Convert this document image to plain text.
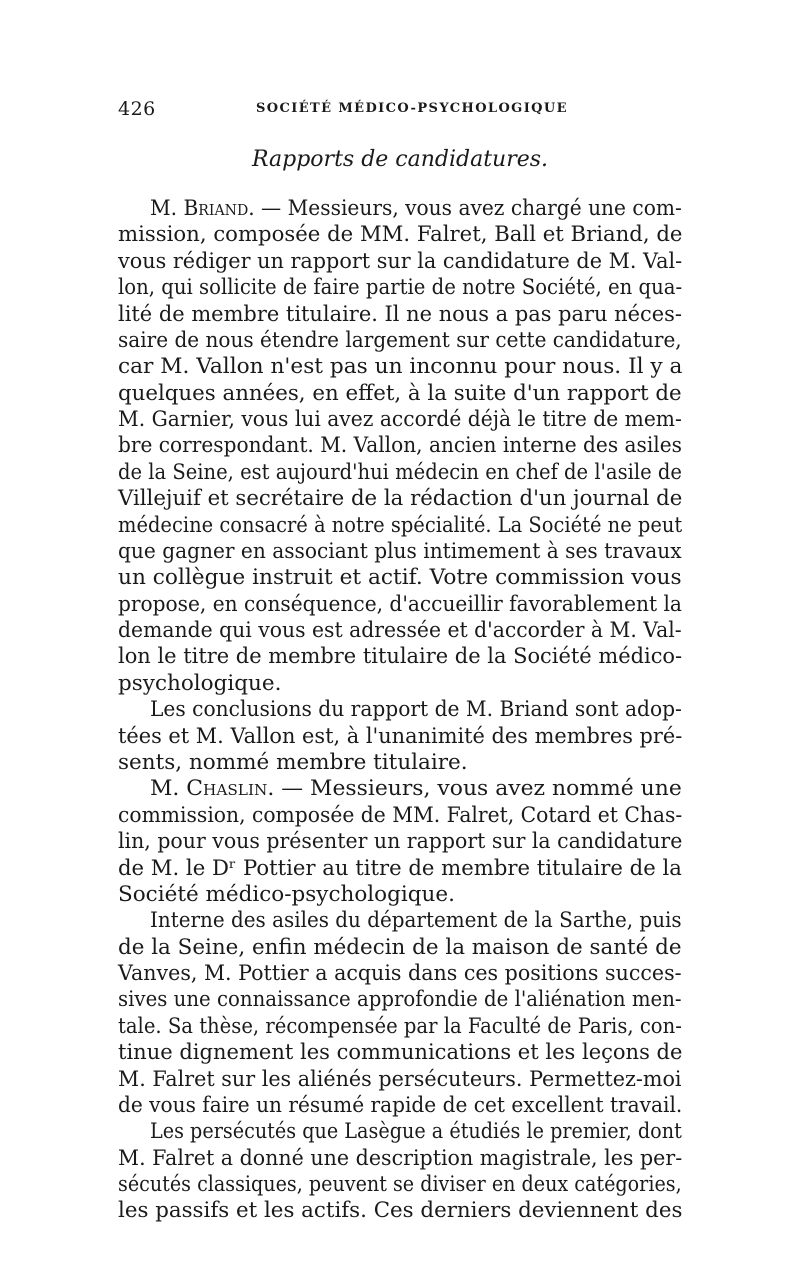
426	SOCIÉTÉ MÉDICO-PSYCHOLOGIQUE
Rapports de candidatures.
M. Briand. — Messieurs, vous avez chargé une com-
mission, composée de MM. Falret, Ball et Briand, de
vous rédiger un rapport sur la candidature de M. Val-
lon, qui sollicite de faire partie de notre Société, en qua-
lité de membre titulaire. Il ne nous a pas paru néces-
saire de nous étendre largement sur cette candidature,
car M. Vallon n'est pas un inconnu pour nous. Il y a
quelques années, en effet, à la suite d'un rapport de
M. Garnier, vous lui avez accordé déjà le titre de mem-
bre correspondant. M. Vallon, ancien interne des asiles
de la Seine, est aujourd'hui médecin en chef de l'asile de
Villejuif et secrétaire de la rédaction d'un journal de
médecine consacré à notre spécialité. La Société ne peut
que gagner en associant plus intimement à ses travaux
un collègue instruit et actif. Votre commission vous
propose, en conséquence, d'accueillir favorablement la
demande qui vous est adressée et d'accorder à M. Val-
lon le titre de membre titulaire de la Société médico-
psychologique.
Les conclusions du rapport de M. Briand sont adop-
tées et M. Vallon est, à l'unanimité des membres pré-
sents, nommé membre titulaire.
M. Chaslin. — Messieurs, vous avez nommé une
commission, composée de MM. Falret, Cotard et Chas-
lin, pour vous présenter un rapport sur la candidature
de M. le Dʳ Pottier au titre de membre titulaire de la
Société médico-psychologique.
Interne des asiles du département de la Sarthe, puis
de la Seine, enfin médecin de la maison de santé de
Vanves, M. Pottier a acquis dans ces positions succes-
sives une connaissance approfondie de l'aliénation men-
tale. Sa thèse, récompensée par la Faculté de Paris, con-
tinue dignement les communications et les leçons de
M. Falret sur les aliénés persécuteurs. Permettez-moi
de vous faire un résumé rapide de cet excellent travail.
Les persécutés que Lasègue a étudiés le premier, dont
M. Falret a donné une description magistrale, les per-
sécutés classiques, peuvent se diviser en deux catégories,
les passifs et les actifs. Ces derniers deviennent des
